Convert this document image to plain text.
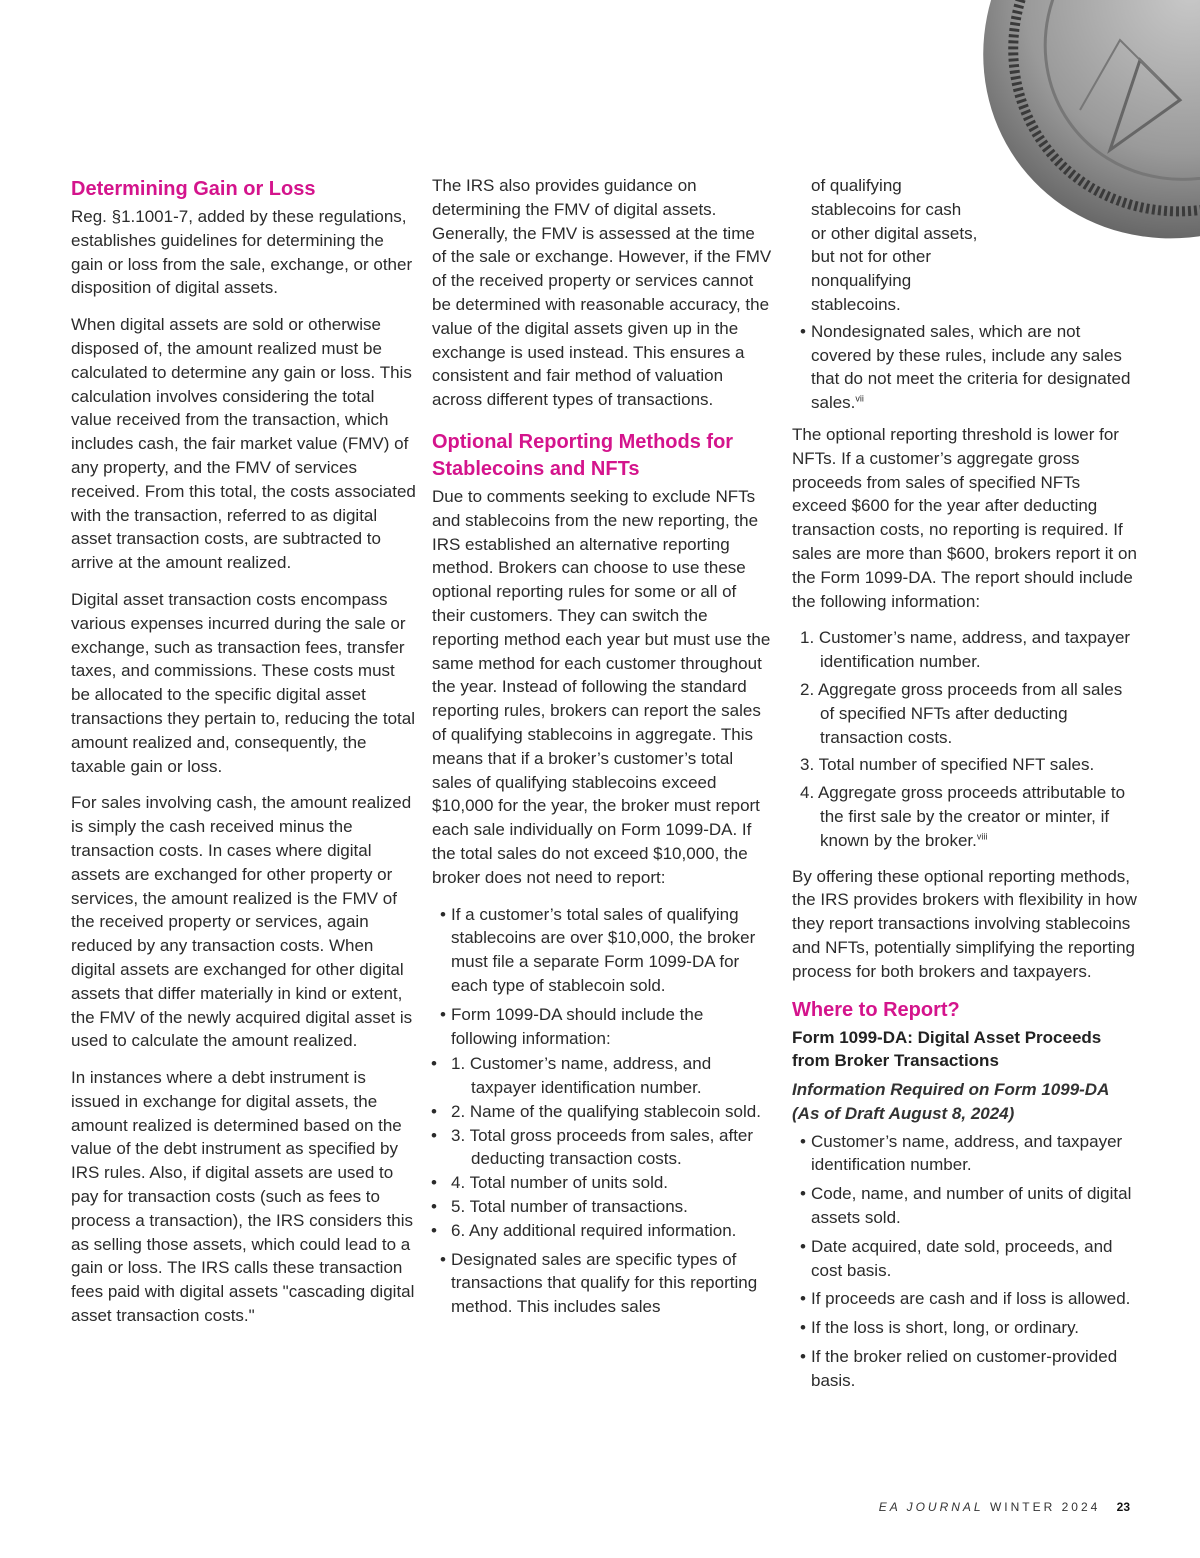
Determining Gain or Loss

Reg. §1.1001-7, added by these regulations, establishes guidelines for determining the gain or loss from the sale, exchange, or other disposition of digital assets.

When digital assets are sold or otherwise disposed of, the amount realized must be calculated to determine any gain or loss. This calculation involves considering the total value received from the transaction, which includes cash, the fair market value (FMV) of any property, and the FMV of services received. From this total, the costs associated with the transaction, referred to as digital asset transaction costs, are subtracted to arrive at the amount realized.

Digital asset transaction costs encompass various expenses incurred during the sale or exchange, such as transaction fees, transfer taxes, and commissions. These costs must be allocated to the specific digital asset transactions they pertain to, reducing the total amount realized and, consequently, the taxable gain or loss.

For sales involving cash, the amount realized is simply the cash received minus the transaction costs. In cases where digital assets are exchanged for other property or services, the amount realized is the FMV of the received property or services, again reduced by any transaction costs. When digital assets are exchanged for other digital assets that differ materially in kind or extent, the FMV of the newly acquired digital asset is used to calculate the amount realized.

In instances where a debt instrument is issued in exchange for digital assets, the amount realized is determined based on the value of the debt instrument as specified by IRS rules. Also, if digital assets are used to pay for transaction costs (such as fees to process a transaction), the IRS considers this as selling those assets, which could lead to a gain or loss. The IRS calls these transaction fees paid with digital assets "cascading digital asset transaction costs."

The IRS also provides guidance on determining the FMV of digital assets. Generally, the FMV is assessed at the time of the sale or exchange. However, if the FMV of the received property or services cannot be determined with reasonable accuracy, the value of the digital assets given up in the exchange is used instead. This ensures a consistent and fair method of valuation across different types of transactions.

Optional Reporting Methods for Stablecoins and NFTs

Due to comments seeking to exclude NFTs and stablecoins from the new reporting, the IRS established an alternative reporting method. Brokers can choose to use these optional reporting rules for some or all of their customers. They can switch the reporting method each year but must use the same method for each customer throughout the year. Instead of following the standard reporting rules, brokers can report the sales of qualifying stablecoins in aggregate. This means that if a broker’s customer’s total sales of qualifying stablecoins exceed $10,000 for the year, the broker must report each sale individually on Form 1099-DA. If the total sales do not exceed $10,000, the broker does not need to report:

• If a customer’s total sales of qualifying stablecoins are over $10,000, the broker must file a separate Form 1099-DA for each type of stablecoin sold.
• Form 1099-DA should include the following information:
• 1. Customer’s name, address, and taxpayer identification number.
• 2. Name of the qualifying stablecoin sold.
• 3. Total gross proceeds from sales, after deducting transaction costs.
• 4. Total number of units sold.
• 5. Total number of transactions.
• 6. Any additional required information.
• Designated sales are specific types of transactions that qualify for this reporting method. This includes sales

of qualifying stablecoins for cash or other digital assets, but not for other nonqualifying stablecoins.

• Nondesignated sales, which are not covered by these rules, include any sales that do not meet the criteria for designated sales.$^{vii}$

The optional reporting threshold is lower for NFTs. If a customer’s aggregate gross proceeds from sales of specified NFTs exceed $600 for the year after deducting transaction costs, no reporting is required. If sales are more than $600, brokers report it on the Form 1099-DA. The report should include the following information:

1. Customer’s name, address, and taxpayer identification number.
2. Aggregate gross proceeds from all sales of specified NFTs after deducting transaction costs.
3. Total number of specified NFT sales.
4. Aggregate gross proceeds attributable to the first sale by the creator or minter, if known by the broker.$^{viii}$

By offering these optional reporting methods, the IRS provides brokers with flexibility in how they report transactions involving stablecoins and NFTs, potentially simplifying the reporting process for both brokers and taxpayers.

Where to Report?

Form 1099-DA: Digital Asset Proceeds from Broker Transactions

Information Required on Form 1099-DA (As of Draft August 8, 2024)

• Customer’s name, address, and taxpayer identification number.
• Code, name, and number of units of digital assets sold.
• Date acquired, date sold, proceeds, and cost basis.
• If proceeds are cash and if loss is allowed.
• If the loss is short, long, or ordinary.
• If the broker relied on customer-provided basis.
EA JOURNAL WINTER 2024 23
